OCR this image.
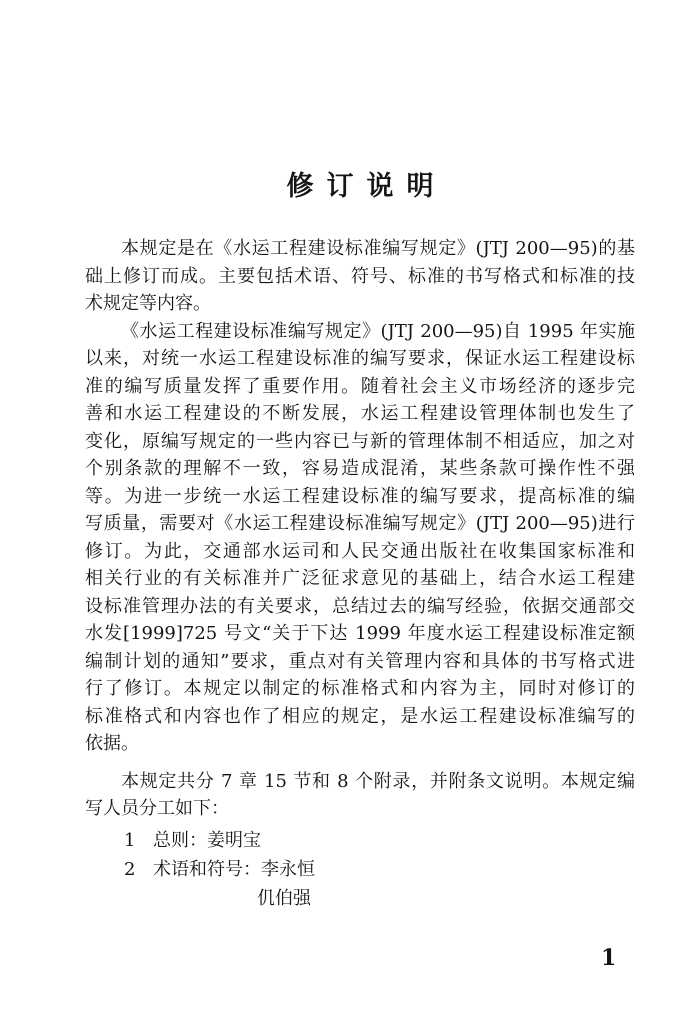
修订说明
本规定是在《水运工程建设标准编写规定》(JTJ 200—95)的基
础上修订而成。主要包括术语、符号、标准的书写格式和标准的技
术规定等内容。
《水运工程建设标准编写规定》(JTJ 200—95)自 1995 年实施
以来，对统一水运工程建设标准的编写要求，保证水运工程建设标
准的编写质量发挥了重要作用。随着社会主义市场经济的逐步完
善和水运工程建设的不断发展，水运工程建设管理体制也发生了
变化，原编写规定的一些内容已与新的管理体制不相适应，加之对
个别条款的理解不一致，容易造成混淆，某些条款可操作性不强
等。为进一步统一水运工程建设标准的编写要求，提高标准的编
写质量，需要对《水运工程建设标准编写规定》(JTJ 200—95)进行
修订。为此，交通部水运司和人民交通出版社在收集国家标准和
相关行业的有关标准并广泛征求意见的基础上，结合水运工程建
设标准管理办法的有关要求，总结过去的编写经验，依据交通部交
水发[1999]725 号文“关于下达 1999 年度水运工程建设标准定额
编制计划的通知”要求，重点对有关管理内容和具体的书写格式进
行了修订。本规定以制定的标准格式和内容为主，同时对修订的
标准格式和内容也作了相应的规定，是水运工程建设标准编写的
依据。
本规定共分 7 章 15 节和 8 个附录，并附条文说明。本规定编
写人员分工如下：
1 总则：姜明宝
2 术语和符号：李永恒
仉伯强
1
